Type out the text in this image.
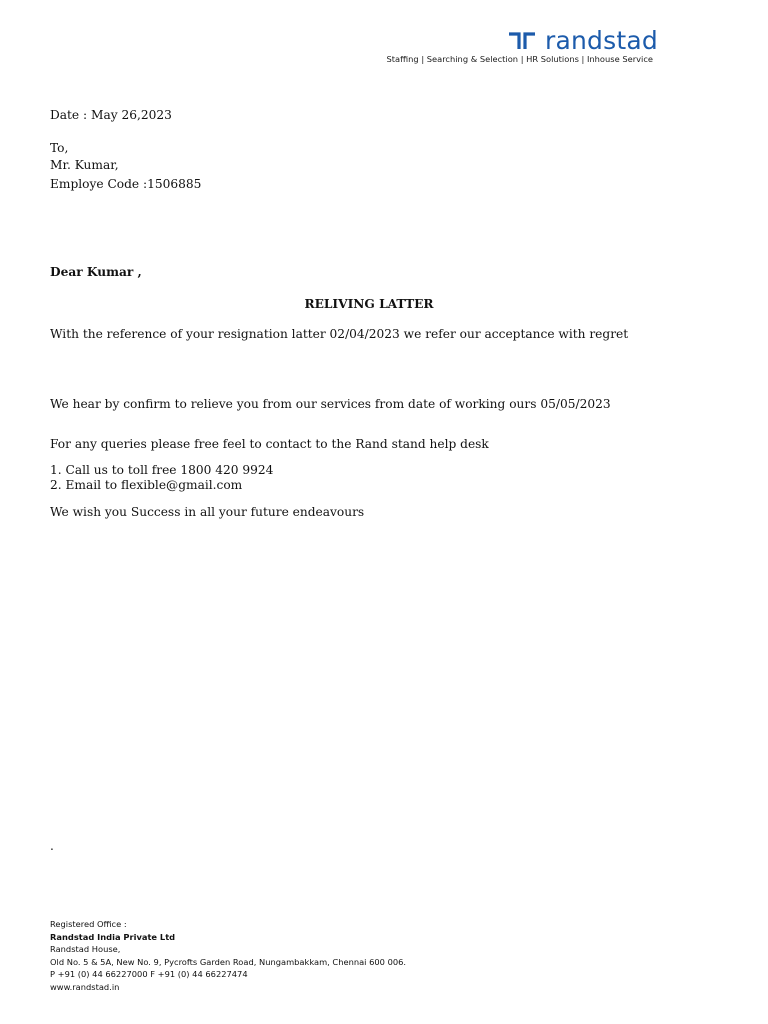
randstad
Staffing | Searching & Selection | HR Solutions | Inhouse Service
Date : May 26,2023
To,
Mr. Kumar,
Employe Code :1506885
Dear Kumar ,
RELIVING LATTER
With the reference of your resignation latter 02/04/2023 we refer our acceptance with regret
We hear by confirm to relieve you from our services from date of working ours 05/05/2023
For any queries please free feel to contact to the Rand stand help desk
1. Call us to toll free 1800 420 9924
2. Email to flexible@gmail.com
We wish you Success in all your future endeavours
.
Registered Office :
Randstad India Private Ltd
Randstad House,
Old No. 5 & 5A, New No. 9, Pycrofts Garden Road, Nungambakkam, Chennai 600 006.
P +91 (0) 44 66227000 F +91 (0) 44 66227474
www.randstad.in
